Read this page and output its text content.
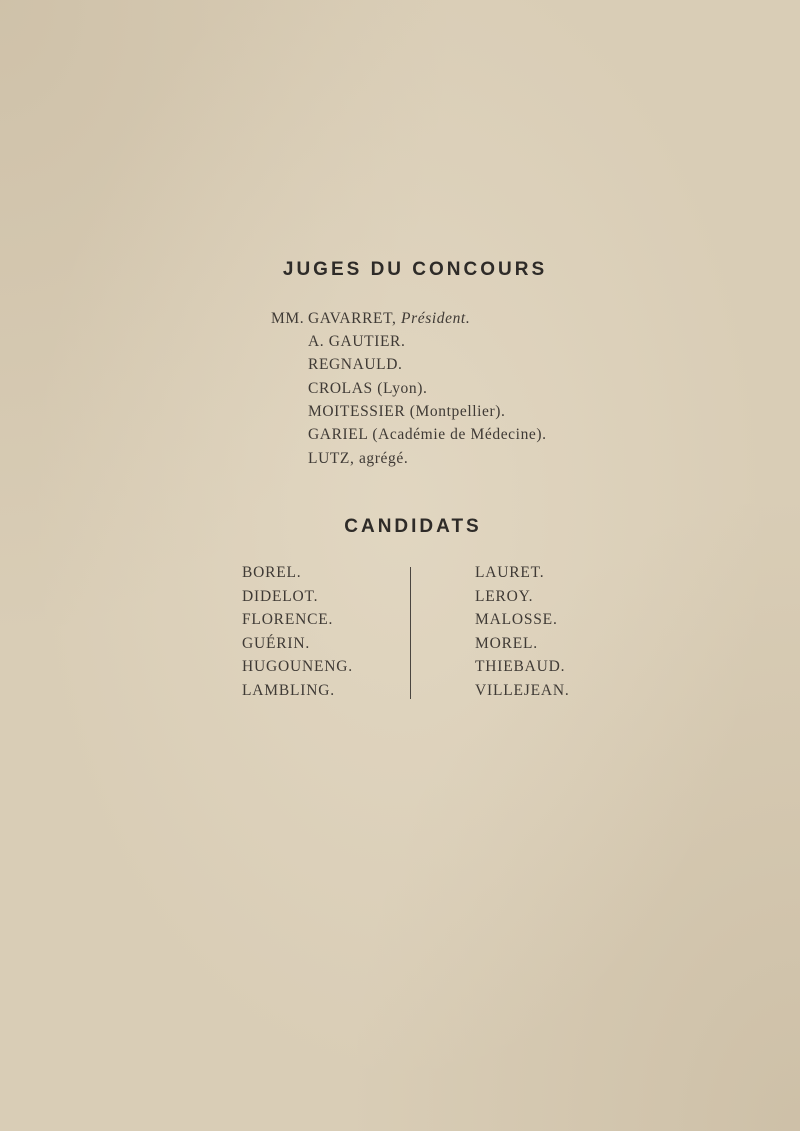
JUGES DU CONCOURS
MM. GAVARRET, Président.
A. GAUTIER.
REGNAULD.
CROLAS (Lyon).
MOITESSIER (Montpellier).
GARIEL (Académie de Médecine).
LUTZ, agrégé.
CANDIDATS
BOREL.
DIDELOT.
FLORENCE.
GUÉRIN.
HUGOUNENG.
LAMBLING.
LAURET.
LEROY.
MALOSSE.
MOREL.
THIEBAUD.
VILLEJEAN.
